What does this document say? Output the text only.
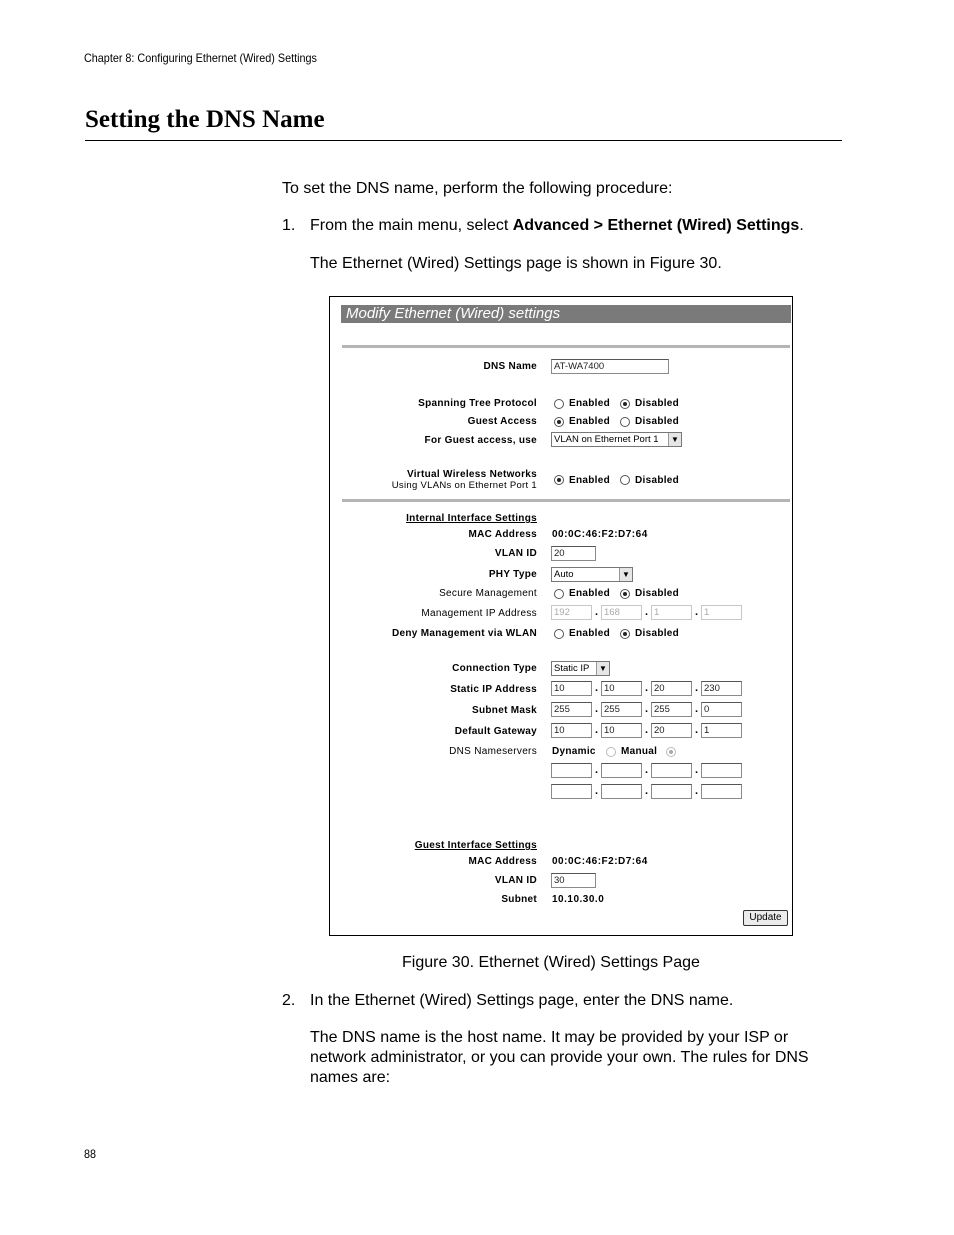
Chapter 8: Configuring Ethernet (Wired) Settings
Setting the DNS Name
To set the DNS name, perform the following procedure:
1. From the main menu, select Advanced > Ethernet (Wired) Settings.
The Ethernet (Wired) Settings page is shown in Figure 30.
Modify Ethernet (Wired) settings
DNS Name	AT-WA7400
Spanning Tree Protocol	Enabled	Disabled
Guest Access	Enabled	Disabled
For Guest access, use	VLAN on Ethernet Port 1	▼
Virtual Wireless Networks
Using VLANs on Ethernet Port 1	Enabled	Disabled
Internal Interface Settings
MAC Address 00:0C:46:F2:D7:64
VLAN ID	20
PHY Type	Auto	▼
Secure Management	Enabled	Disabled
Management IP Address	192	. 168	. 1	. 1
Deny Management via WLAN	Enabled	Disabled
Connection Type	Static IP	▼
Static IP Address	10	. 10	. 20	. 230
Subnet Mask	255	. 255	. 255	. 0
Default Gateway	10	. 10	. 20	. 1
DNS Nameservers Dynamic	Manual
.	.	.
.	.	.
Guest Interface Settings
MAC Address 00:0C:46:F2:D7:64
VLAN ID	30
Subnet 10.10.30.0
Update
Figure 30. Ethernet (Wired) Settings Page
2. In the Ethernet (Wired) Settings page, enter the DNS name.
The DNS name is the host name. It may be provided by your ISP or
network administrator, or you can provide your own. The rules for DNS
names are:
88
